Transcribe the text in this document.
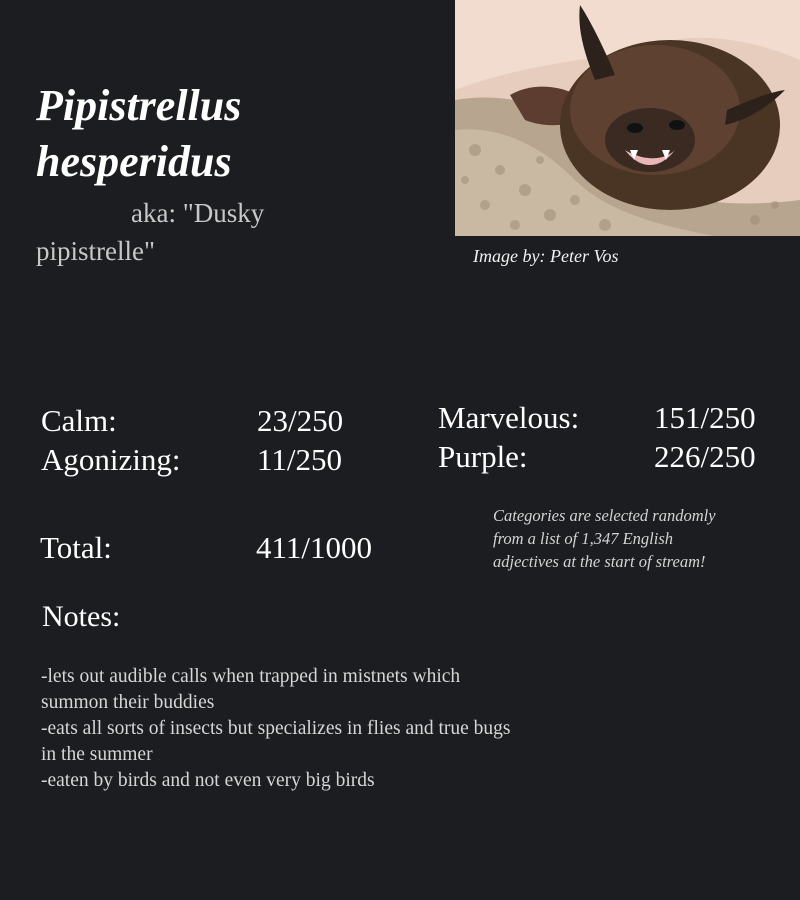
Pipistrellus
hesperidus
aka: "Dusky pipistrelle"	Image by: Peter Vos
Calm:	23/250
Agonizing: 11/250
Marvelous: 151/250
Purple:	226/250
Total:	411/1000
Categories are selected randomly from a list of 1,347 English adjectives at the start of stream!
Notes:
-lets out audible calls when trapped in mistnets which summon their buddies
-eats all sorts of insects but specializes in flies and true bugs in the summer
-eaten by birds and not even very big birds
